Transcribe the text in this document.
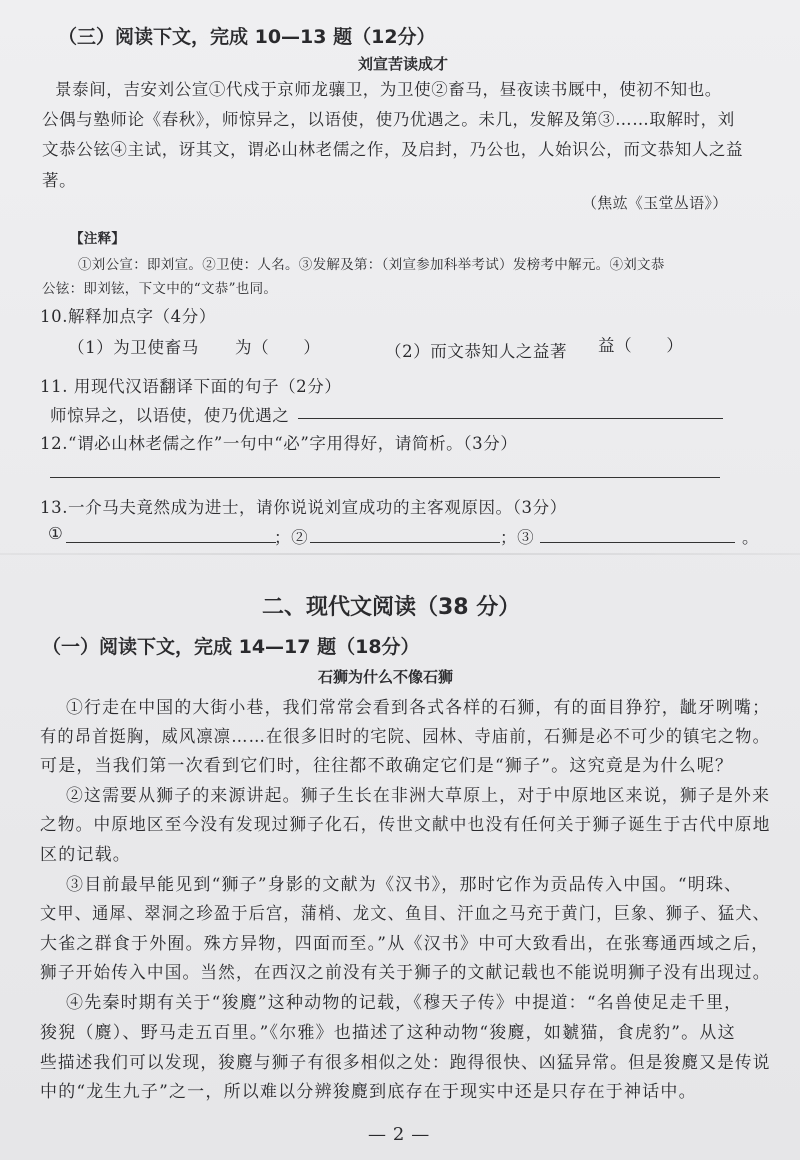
（三）阅读下文，完成 10—13 题（12分）
刘宣苦读成才
景泰间，吉安刘公宣①代戍于京师龙骧卫，为卫使②畜马，昼夜读书厩中，使初不知也。
公偶与塾师论《春秋》，师惊异之，以语使，使乃优遇之。未几，发解及第③……取解时，刘
文恭公铉④主试，讶其文，谓必山林老儒之作，及启封，乃公也，人始识公，而文恭知人之益
著。
（焦竑《玉堂丛语》）
【注释】
①刘公宣：即刘宣。②卫使：人名。③发解及第：（刘宣参加科举考试）发榜考中解元。④刘文恭
公铉：即刘铉，下文中的“文恭”也同。
10.解释加点字（4分）
（1）为卫使畜马 为（　　）	（2）而文恭知人之益著 益（　　）
11. 用现代汉语翻译下面的句子（2分）
师惊异之，以语使，使乃优遇之
12.“谓必山林老儒之作”一句中“必”字用得好，请简析。（3分）
13.一介马夫竟然成为进士，请你说说刘宣成功的主客观原因。（3分）
①	；②	；③	。
二、现代文阅读（38 分）
（一）阅读下文，完成 14—17 题（18分）
石狮为什么不像石狮
①行走在中国的大街小巷，我们常常会看到各式各样的石狮，有的面目狰狞，龇牙咧嘴；
有的昂首挺胸，威风凛凛……在很多旧时的宅院、园林、寺庙前，石狮是必不可少的镇宅之物。
可是，当我们第一次看到它们时，往往都不敢确定它们是“狮子”。这究竟是为什么呢？
②这需要从狮子的来源讲起。狮子生长在非洲大草原上，对于中原地区来说，狮子是外来
之物。中原地区至今没有发现过狮子化石，传世文献中也没有任何关于狮子诞生于古代中原地
区的记载。
③目前最早能见到“狮子”身影的文献为《汉书》，那时它作为贡品传入中国。“明珠、
文甲、通犀、翠洞之珍盈于后宫，蒲梢、龙文、鱼目、汗血之马充于黄门，巨象、狮子、猛犬、
大雀之群食于外囿。殊方异物，四面而至。”从《汉书》中可大致看出，在张骞通西域之后，
狮子开始传入中国。当然，在西汉之前没有关于狮子的文献记载也不能说明狮子没有出现过。
④先秦时期有关于“狻麑”这种动物的记载，《穆天子传》中提道：“名兽使足走千里，
狻猊（麑）、野马走五百里。”《尔雅》也描述了这种动物“狻麑，如虦猫，食虎豹”。从这
些描述我们可以发现，狻麑与狮子有很多相似之处：跑得很快、凶猛异常。但是狻麑又是传说
中的“龙生九子”之一，所以难以分辨狻麑到底存在于现实中还是只存在于神话中。
— 2 —
